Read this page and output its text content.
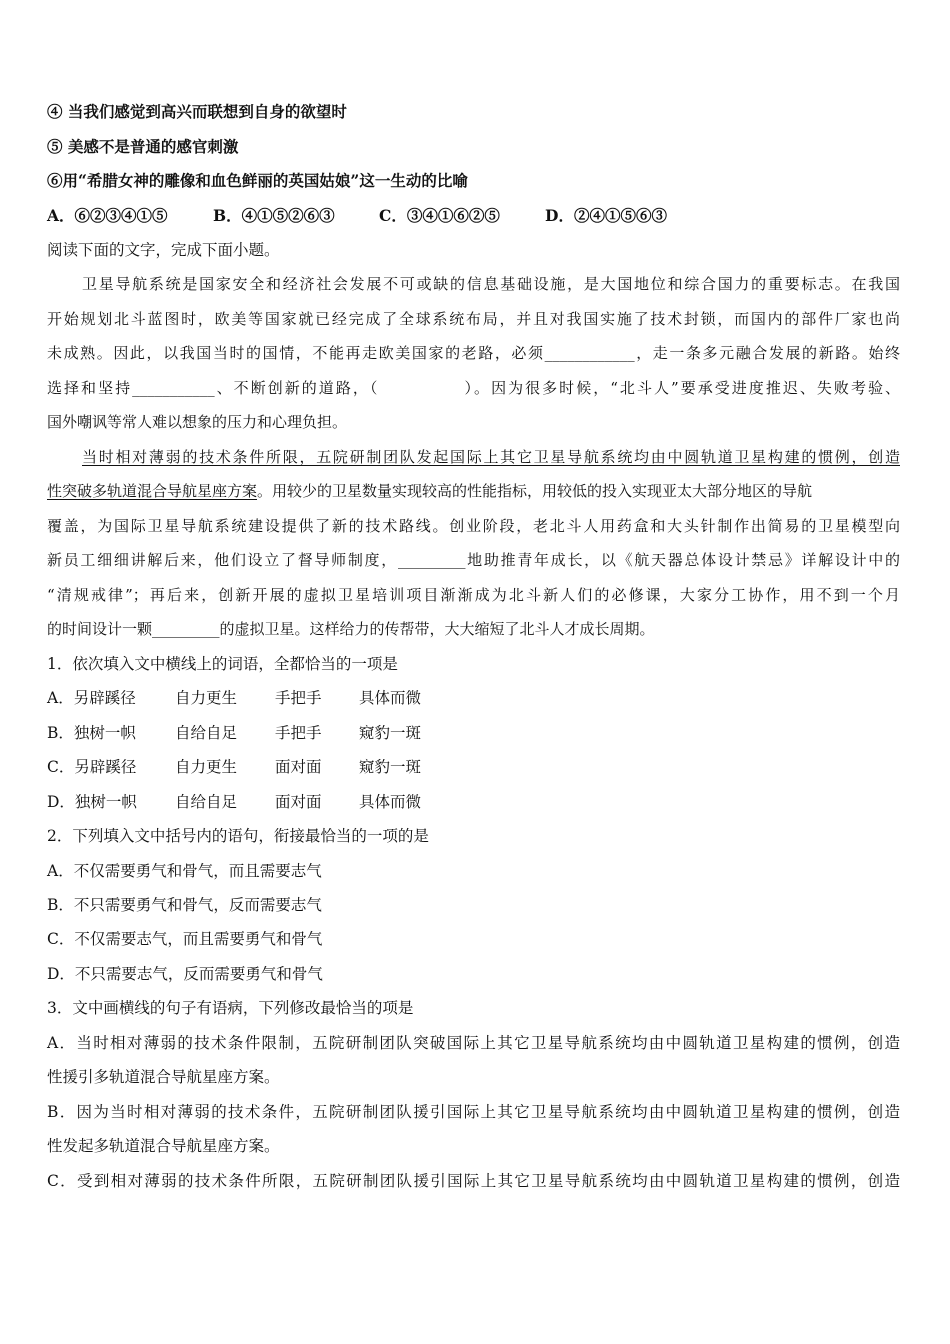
④ 当我们感觉到高兴而联想到自身的欲望时
⑤ 美感不是普通的感官刺激
⑥用“希腊女神的雕像和血色鲜丽的英国姑娘”这一生动的比喻
A．⑥②③④①⑤	B．④①⑤②⑥③	C．③④①⑥②⑤	D．②④①⑤⑥③
阅读下面的文字，完成下面小题。
卫星导航系统是国家安全和经济社会发展不可或缺的信息基础设施，是大国地位和综合国力的重要标志。在我国
开始规划北斗蓝图时，欧美等国家就已经完成了全球系统布局，并且对我国实施了技术封锁，而国内的部件厂家也尚
未成熟。因此，以我国当时的国情，不能再走欧美国家的老路，必须____________，走一条多元融合发展的新路。始终
选择和坚持___________、不断创新的道路，（　　　　　）。因为很多时候，“北斗人”要承受进度推迟、失败考验、
国外嘲讽等常人难以想象的压力和心理负担。
当时相对薄弱的技术条件所限，五院研制团队发起国际上其它卫星导航系统均由中圆轨道卫星构建的惯例，创造
性突破多轨道混合导航星座方案。用较少的卫星数量实现较高的性能指标，用较低的投入实现亚太大部分地区的导航
覆盖，为国际卫星导航系统建设提供了新的技术路线。创业阶段，老北斗人用药盒和大头针制作出简易的卫星模型向
新员工细细讲解后来，他们设立了督导师制度，_________地助推青年成长，以《航天器总体设计禁忌》详解设计中的
“清规戒律”；再后来，创新开展的虚拟卫星培训项目渐渐成为北斗新人们的必修课，大家分工协作，用不到一个月
的时间设计一颗_________的虚拟卫星。这样给力的传帮带，大大缩短了北斗人才成长周期。
1．依次填入文中横线上的词语，全都恰当的一项是
A．另辟蹊径	自力更生 手把手 具体而微
B．独树一帜	自给自足 手把手 窥豹一斑
C．另辟蹊径 自力更生 面对面 窥豹一斑
D．独树一帜 自给自足 面对面 具体而微
2．下列填入文中括号内的语句，衔接最恰当的一项的是
A．不仅需要勇气和骨气，而且需要志气
B．不只需要勇气和骨气，反而需要志气
C．不仅需要志气，而且需要勇气和骨气
D．不只需要志气，反而需要勇气和骨气
3．文中画横线的句子有语病，下列修改最恰当的项是
A．当时相对薄弱的技术条件限制，五院研制团队突破国际上其它卫星导航系统均由中圆轨道卫星构建的惯例，创造
性援引多轨道混合导航星座方案。
B．因为当时相对薄弱的技术条件，五院研制团队援引国际上其它卫星导航系统均由中圆轨道卫星构建的惯例，创造
性发起多轨道混合导航星座方案。
C．受到相对薄弱的技术条件所限，五院研制团队援引国际上其它卫星导航系统均由中圆轨道卫星构建的惯例，创造
